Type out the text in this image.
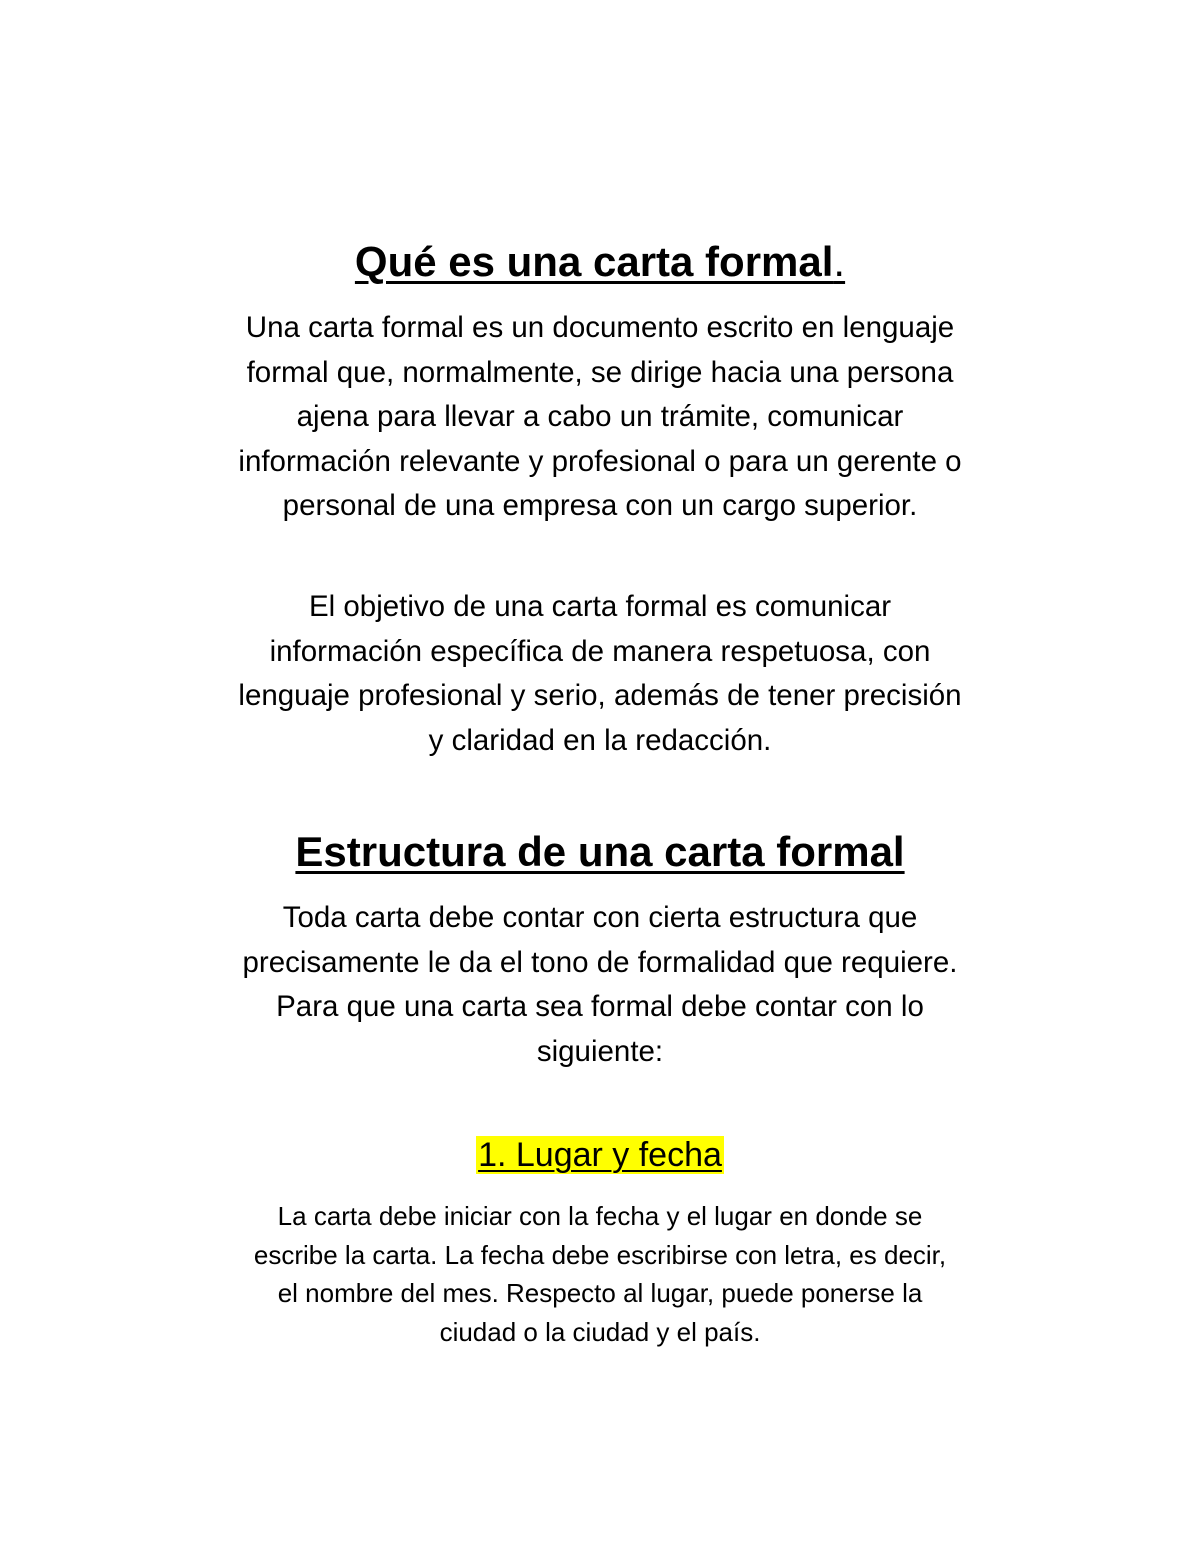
Qué es una carta formal.
Una carta formal es un documento escrito en lenguaje
formal que, normalmente, se dirige hacia una persona
ajena para llevar a cabo un trámite, comunicar
información relevante y profesional o para un gerente o
personal de una empresa con un cargo superior.
El objetivo de una carta formal es comunicar
información específica de manera respetuosa, con
lenguaje profesional y serio, además de tener precisión
y claridad en la redacción.
Estructura de una carta formal
Toda carta debe contar con cierta estructura que
precisamente le da el tono de formalidad que requiere.
Para que una carta sea formal debe contar con lo
siguiente:
1. Lugar y fecha
La carta debe iniciar con la fecha y el lugar en donde se
escribe la carta. La fecha debe escribirse con letra, es decir,
el nombre del mes. Respecto al lugar, puede ponerse la
ciudad o la ciudad y el país.
